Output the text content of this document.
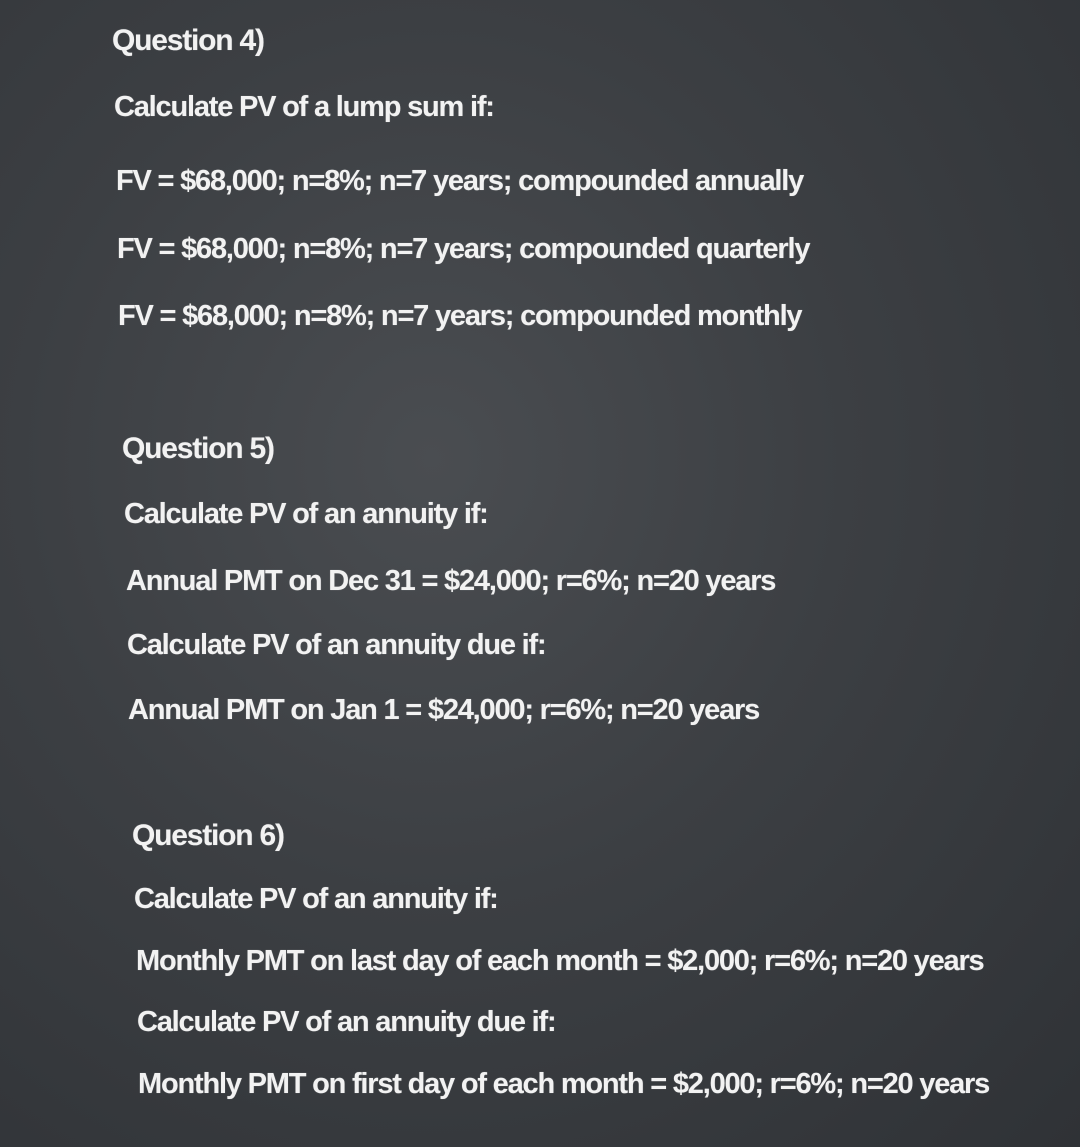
Question 4)
Calculate PV of a lump sum if:
FV = $68,000; n=8%; n=7 years; compounded annually
FV = $68,000; n=8%; n=7 years; compounded quarterly
FV = $68,000; n=8%; n=7 years; compounded monthly
Question 5)
Calculate PV of an annuity if:
Annual PMT on Dec 31 = $24,000; r=6%; n=20 years
Calculate PV of an annuity due if:
Annual PMT on Jan 1 = $24,000; r=6%; n=20 years
Question 6)
Calculate PV of an annuity if:
Monthly PMT on last day of each month = $2,000; r=6%; n=20 years
Calculate PV of an annuity due if:
Monthly PMT on first day of each month = $2,000; r=6%; n=20 years
